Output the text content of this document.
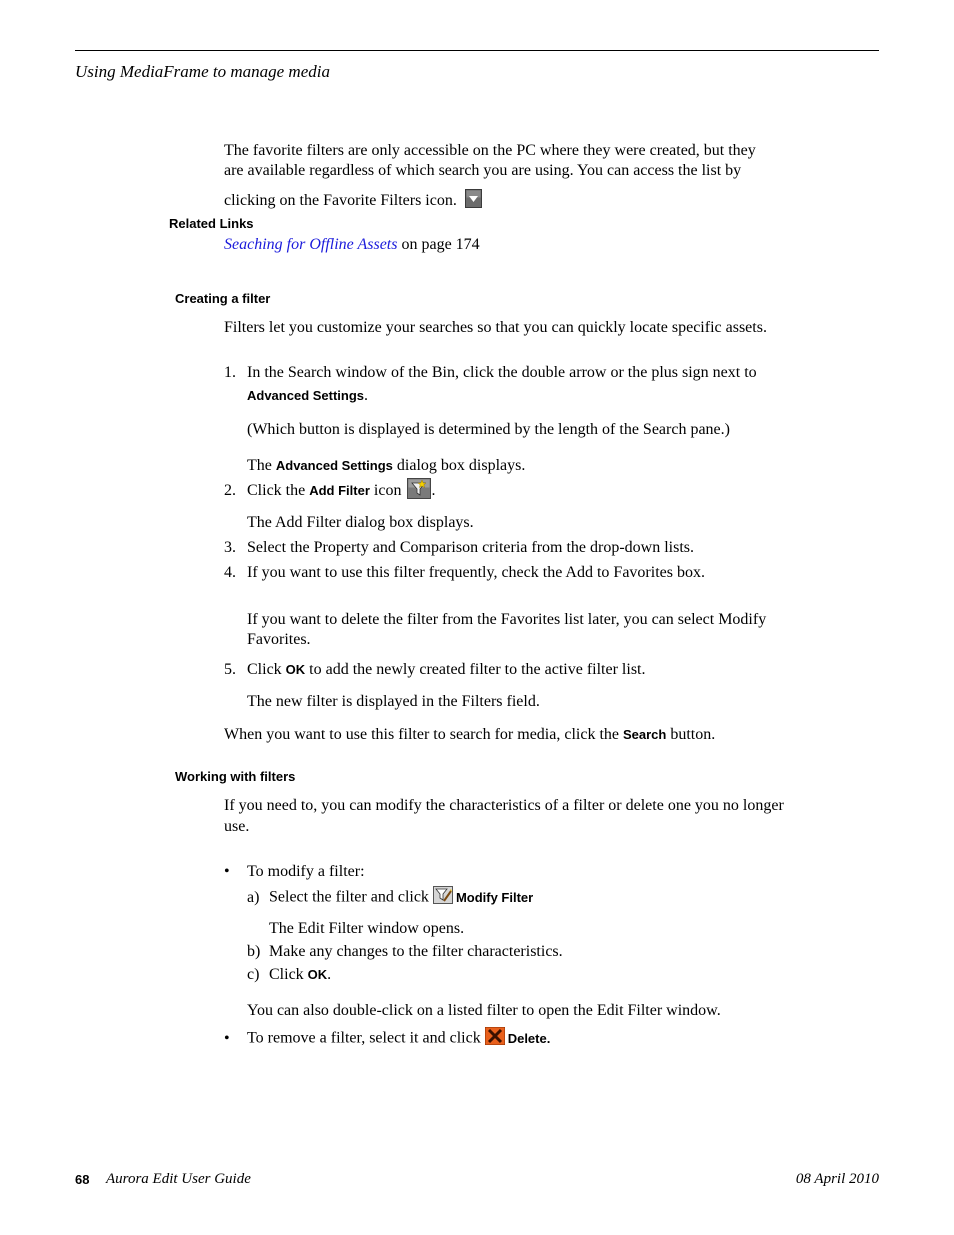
Using MediaFrame to manage media
The favorite filters are only accessible on the PC where they were created, but they
are available regardless of which search you are using. You can access the list by
clicking on the Favorite Filters icon.
Related Links
Seaching for Offline Assets on page 174
Creating a filter
Filters let you customize your searches so that you can quickly locate specific assets.
1. In the Search window of the Bin, click the double arrow or the plus sign next to
Advanced Settings.
(Which button is displayed is determined by the length of the Search pane.)
The Advanced Settings dialog box displays.
2. Click the Add Filter icon .
The Add Filter dialog box displays.
3. Select the Property and Comparison criteria from the drop-down lists.
4. If you want to use this filter frequently, check the Add to Favorites box.
If you want to delete the filter from the Favorites list later, you can select Modify
Favorites.
5. Click OK to add the newly created filter to the active filter list.
The new filter is displayed in the Filters field.
When you want to use this filter to search for media, click the Search button.
Working with filters
If you need to, you can modify the characteristics of a filter or delete one you no longer
use.
• To modify a filter:
a) Select the filter and click Modify Filter
The Edit Filter window opens.
b) Make any changes to the filter characteristics.
c) Click OK.
You can also double-click on a listed filter to open the Edit Filter window.
• To remove a filter, select it and click Delete.
68 Aurora Edit User Guide	08 April 2010
